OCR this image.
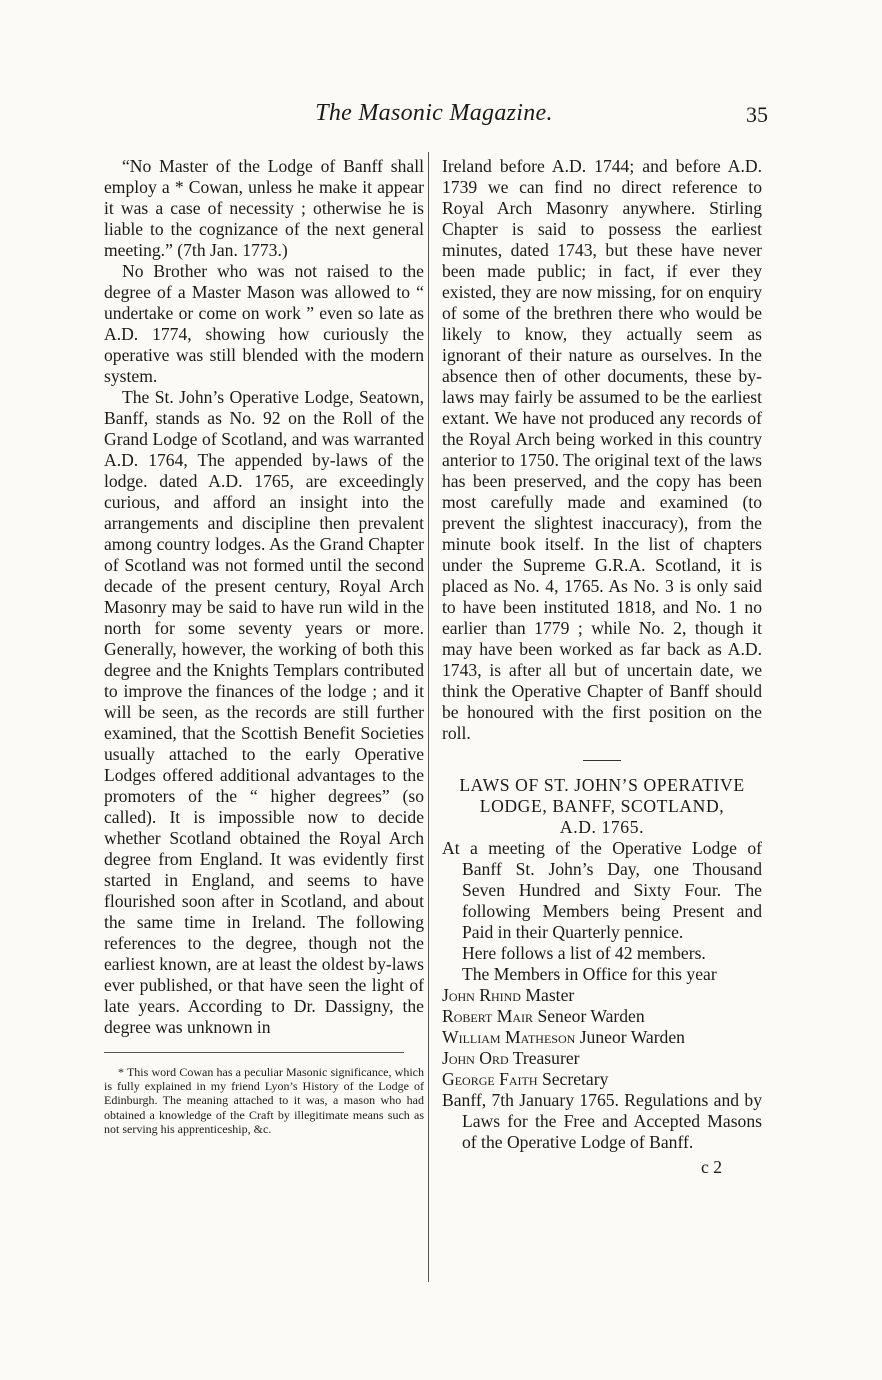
The Masonic Magazine.	35

“No Master of the Lodge of Banff shall employ a * Cowan, unless he make it appear it was a case of necessity ; otherwise he is liable to the cognizance of the next general meeting.” (7th Jan. 1773.)

No Brother who was not raised to the degree of a Master Mason was allowed to “ undertake or come on work ” even so late as A.D. 1774, showing how curiously the operative was still blended with the modern system.

The St. John’s Operative Lodge, Seatown, Banff, stands as No. 92 on the Roll of the Grand Lodge of Scotland, and was warranted A.D. 1764, The appended by-laws of the lodge. dated A.D. 1765, are exceedingly curious, and afford an insight into the arrangements and discipline then prevalent among country lodges. As the Grand Chapter of Scotland was not formed until the second decade of the present century, Royal Arch Masonry may be said to have run wild in the north for some seventy years or more. Generally, however, the working of both this degree and the Knights Templars contributed to improve the finances of the lodge ; and it will be seen, as the records are still further examined, that the Scottish Benefit Societies usually attached to the early Operative Lodges offered additional advantages to the promoters of the “ higher degrees” (so called). It is impossible now to decide whether Scotland obtained the Royal Arch degree from England. It was evidently first started in England, and seems to have flourished soon after in Scotland, and about the same time in Ireland. The following references to the degree, though not the earliest known, are at least the oldest by-laws ever published, or that have seen the light of late years. According to Dr. Dassigny, the degree was unknown in

* This word Cowan has a peculiar Masonic significance, which is fully explained in my friend Lyon’s History of the Lodge of Edinburgh. The meaning attached to it was, a mason who had obtained a knowledge of the Craft by illegitimate means such as not serving his apprenticeship, &c.

Ireland before A.D. 1744; and before A.D. 1739 we can find no direct reference to Royal Arch Masonry anywhere. Stirling Chapter is said to possess the earliest minutes, dated 1743, but these have never been made public; in fact, if ever they existed, they are now missing, for on enquiry of some of the brethren there who would be likely to know, they actually seem as ignorant of their nature as ourselves. In the absence then of other documents, these by-laws may fairly be assumed to be the earliest extant. We have not produced any records of the Royal Arch being worked in this country anterior to 1750. The original text of the laws has been preserved, and the copy has been most carefully made and examined (to prevent the slightest inaccuracy), from the minute book itself. In the list of chapters under the Supreme G.R.A. Scotland, it is placed as No. 4, 1765. As No. 3 is only said to have been instituted 1818, and No. 1 no earlier than 1779 ; while No. 2, though it may have been worked as far back as A.D. 1743, is after all but of uncertain date, we think the Operative Chapter of Banff should be honoured with the first position on the roll.

LAWS OF ST. JOHN’S OPERATIVE LODGE, BANFF, SCOTLAND,

A.D. 1765.

At a meeting of the Operative Lodge of Banff St. John’s Day, one Thousand Seven Hundred and Sixty Four. The following Members being Present and Paid in their Quarterly pennice.

Here follows a list of 42 members.

The Members in Office for this year

John Rhind Master

Robert Mair Seneor Warden

William Matheson Juneor Warden

John Ord Treasurer

George Faith Secretary

Banff, 7th January 1765. Regulations and by Laws for the Free and Accepted Masons of the Operative Lodge of Banff.

c 2
